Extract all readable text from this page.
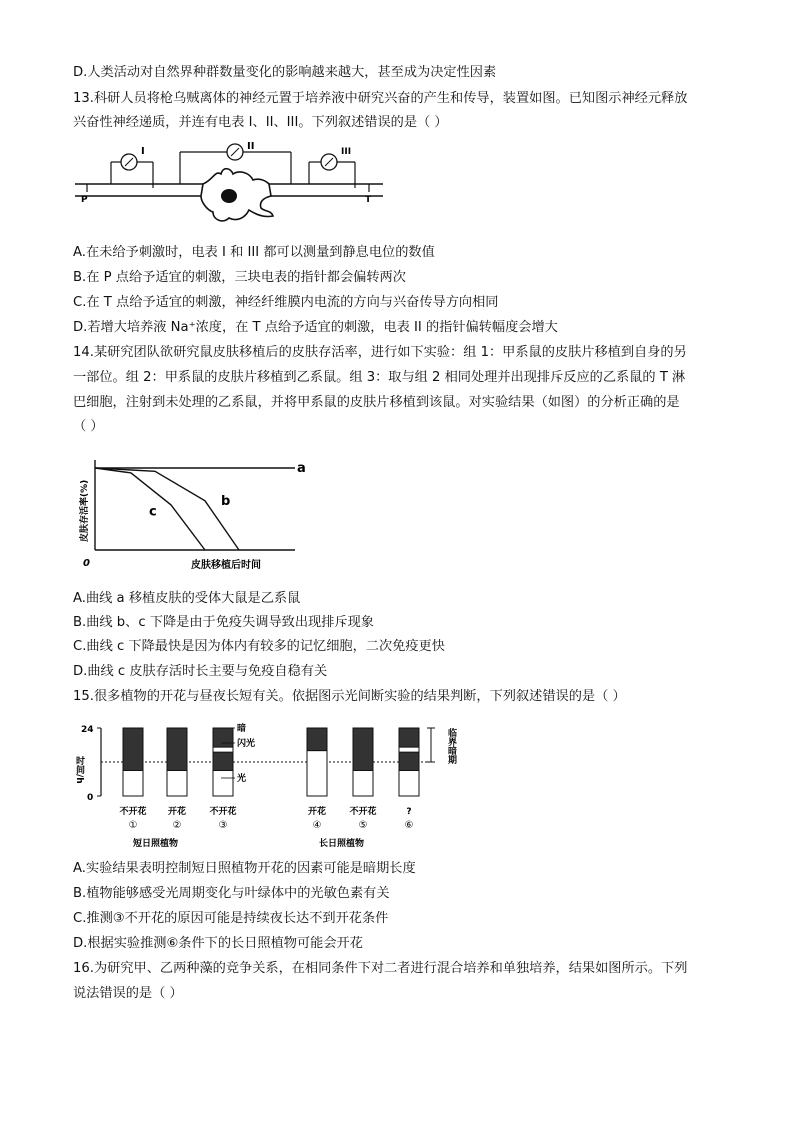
D.人类活动对自然界种群数量变化的影响越来越大，甚至成为决定性因素
13.科研人员将枪乌贼离体的神经元置于培养液中研究兴奋的产生和传导，装置如图。已知图示神经元释放
兴奋性神经递质，并连有电表 I、II、III。下列叙述错误的是（ ）
I	II	III
P	T
A.在未给予刺激时，电表 I 和 III 都可以测量到静息电位的数值
B.在 P 点给予适宜的刺激，三块电表的指针都会偏转两次
C.在 T 点给予适宜的刺激，神经纤维膜内电流的方向与兴奋传导方向相同
D.若增大培养液 Na⁺浓度，在 T 点给予适宜的刺激，电表 II 的指针偏转幅度会增大
14.某研究团队欲研究鼠皮肤移植后的皮肤存活率，进行如下实验：组 1：甲系鼠的皮肤片移植到自身的另
一部位。组 2：甲系鼠的皮肤片移植到乙系鼠。组 3：取与组 2 相同处理并出现排斥反应的乙系鼠的 T 淋
巴细胞，注射到未处理的乙系鼠，并将甲系鼠的皮肤片移植到该鼠。对实验结果（如图）的分析正确的是
（ ）
a
b
c
皮肤存活率(%)
皮肤移植后时间
0
A.曲线 a 移植皮肤的受体大鼠是乙系鼠
B.曲线 b、c 下降是由于免疫失调导致出现排斥现象
C.曲线 c 下降最快是因为体内有较多的记忆细胞，二次免疫更快
D.曲线 c 皮肤存活时长主要与免疫自稳有关
15.很多植物的开花与昼夜长短有关。依据图示光间断实验的结果判断，下列叙述错误的是（ ）
24
0
时间/h
不开花
①
开花
②
不开花
③
开花
④
不开花
⑤
?
⑥
暗
闪光
光
临界暗期
短日照植物	长日照植物
A.实验结果表明控制短日照植物开花的因素可能是暗期长度
B.植物能够感受光周期变化与叶绿体中的光敏色素有关
C.推测③不开花的原因可能是持续夜长达不到开花条件
D.根据实验推测⑥条件下的长日照植物可能会开花
16.为研究甲、乙两种藻的竞争关系，在相同条件下对二者进行混合培养和单独培养，结果如图所示。下列
说法错误的是（ ）
